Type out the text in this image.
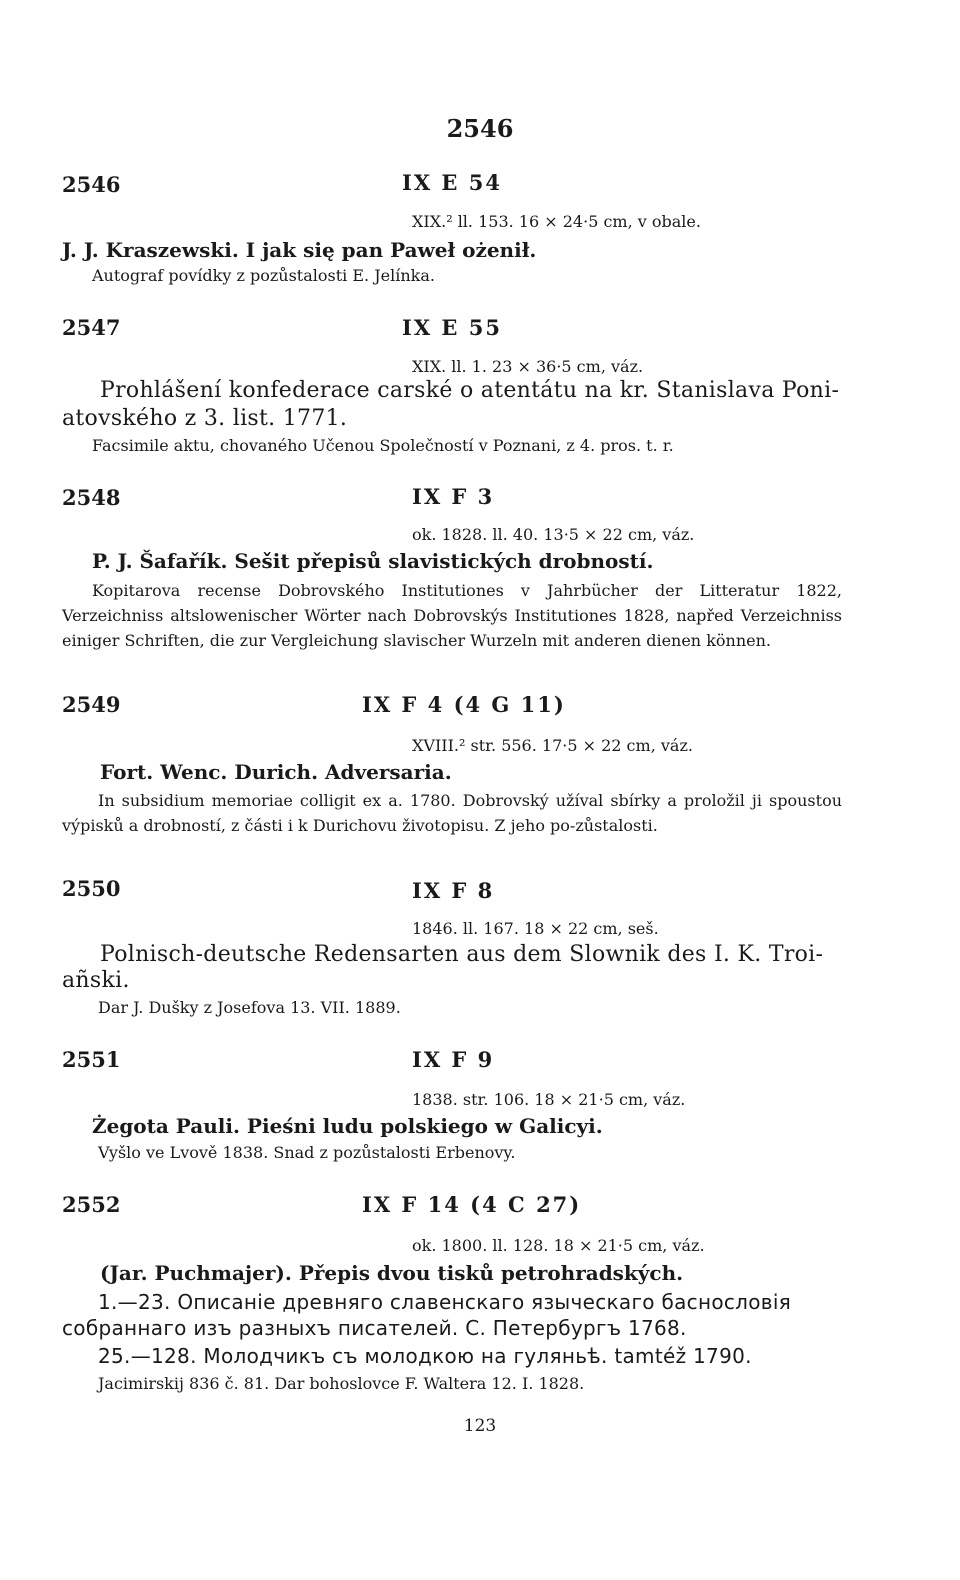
2546
2546	IX E 54
XIX.² ll. 153. 16 × 24·5 cm, v obale.
J. J. Kraszewski. I jak się pan Paweł ożenił.
Autograf povídky z pozůstalosti E. Jelínka.
2547	IX E 55
XIX. ll. 1. 23 × 36·5 cm, váz.
Prohlášení konfederace carské o atentátu na kr. Stanislava Poni-
atovského z 3. list. 1771.
Facsimile aktu, chovaného Učenou Společností v Poznani, z 4. pros. t. r.
2548	IX F 3
ok. 1828. ll. 40. 13·5 × 22 cm, váz.
P. J. Šafařík. Sešit přepisů slavistických drobností.
Kopitarova recense Dobrovského Institutiones v Jahrbücher der Litteratur 1822, Verzeichniss altslowenischer Wörter nach Dobrovskýs Institutiones 1828, napřed Verzeichniss einiger Schriften, die zur Vergleichung slavischer Wurzeln mit anderen dienen können.
2549	IX F 4 (4 G 11)
XVIII.² str. 556. 17·5 × 22 cm, váz.
Fort. Wenc. Durich. Adversaria.
In subsidium memoriae colligit ex a. 1780. Dobrovský užíval sbírky a proložil ji spoustou výpisků a drobností, z části i k Durichovu životopisu. Z jeho po-zůstalosti.
2550	IX F 8
1846. ll. 167. 18 × 22 cm, seš.
Polnisch-deutsche Redensarten aus dem Slownik des I. K. Troi-
añski.
Dar J. Dušky z Josefova 13. VII. 1889.
2551	IX F 9
1838. str. 106. 18 × 21·5 cm, váz.
Żegota Pauli. Pieśni ludu polskiego w Galicyi.
Vyšlo ve Lvově 1838. Snad z pozůstalosti Erbenovy.
2552	IX F 14 (4 C 27)
ok. 1800. ll. 128. 18 × 21·5 cm, váz.
(Jar. Puchmajer). Přepis dvou tisků petrohradských.
1.—23. Описанiе древняго славенскаго языческаго баснословiя
собраннаго изъ разныхъ писателей. С. Петербургъ 1768.
25.—128. Молодчикъ съ молодкою на гуляньѣ. tamtéž 1790.
Jacimirskij 836 č. 81. Dar bohoslovce F. Waltera 12. I. 1828.
123
